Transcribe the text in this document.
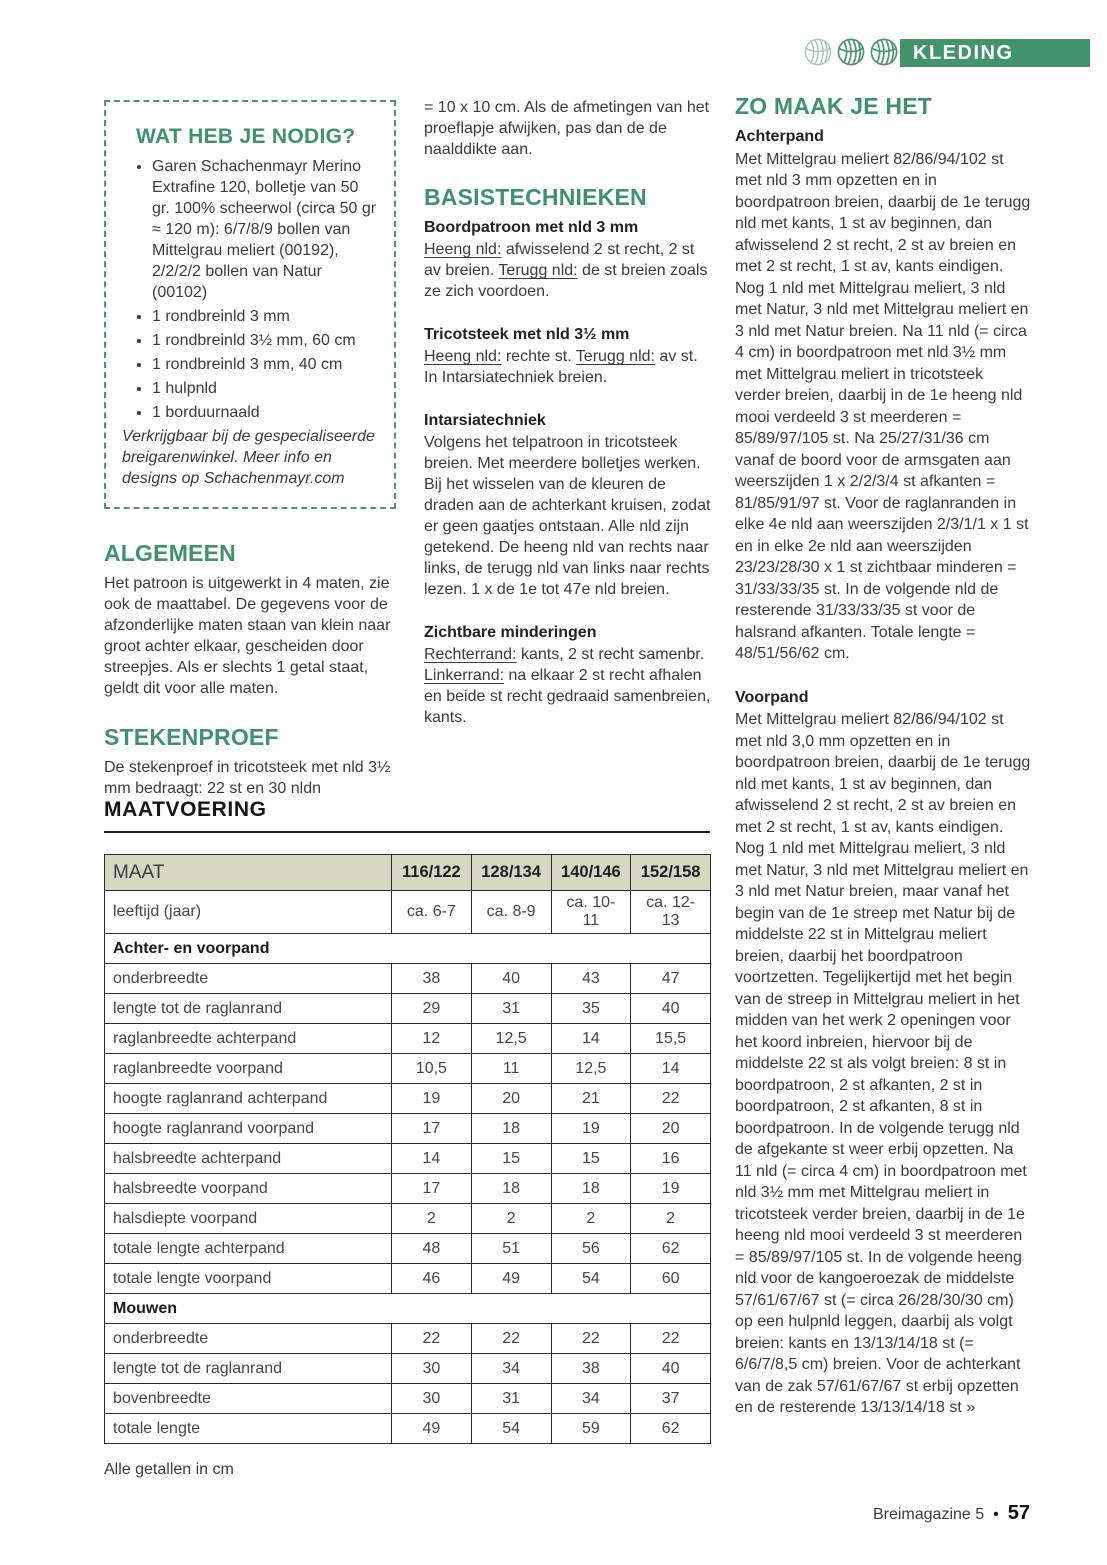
KLEDING
WAT HEB JE NODIG?
• Garen Schachenmayr Merino Extrafine 120, bolletje van 50 gr. 100% scheerwol (circa 50 gr ≈ 120 m): 6/7/8/9 bollen van Mittelgrau meliert (00192), 2/2/2/2 bollen van Natur (00102)
• 1 rondbreinld 3 mm
• 1 rondbreinld 3½ mm, 60 cm
• 1 rondbreinld 3 mm, 40 cm
• 1 hulpnld
• 1 borduurnaald
Verkrijgbaar bij de gespecialiseerde breigarenwinkel. Meer info en designs op Schachenmayr.com
ALGEMEEN
Het patroon is uitgewerkt in 4 maten, zie ook de maattabel. De gegevens voor de afzonderlijke maten staan van klein naar groot achter elkaar, gescheiden door streepjes. Als er slechts 1 getal staat, geldt dit voor alle maten.
STEKENPROEF
De stekenproef in tricotsteek met nld 3½ mm bedraagt: 22 st en 30 nldn
= 10 x 10 cm. Als de afmetingen van het proeflapje afwijken, pas dan de de naalddikte aan.
BASISTECHNIEKEN
Boordpatroon met nld 3 mm
Heeng nld: afwisselend 2 st recht, 2 st av breien. Terugg nld: de st breien zoals ze zich voordoen.
Tricotsteek met nld 3½ mm
Heeng nld: rechte st. Terugg nld: av st. In Intarsiatechniek breien.
Intarsiatechniek
Volgens het telpatroon in tricotsteek breien. Met meerdere bolletjes werken. Bij het wisselen van de kleuren de draden aan de achterkant kruisen, zodat er geen gaatjes ontstaan. Alle nld zijn getekend. De heeng nld van rechts naar links, de terugg nld van links naar rechts lezen. 1 x de 1e tot 47e nld breien.
Zichtbare minderingen
Rechterrand: kants, 2 st recht samenbr. Linkerrand: na elkaar 2 st recht afhalen en beide st recht gedraaid samenbreien, kants.
ZO MAAK JE HET
Achterpand
Met Mittelgrau meliert 82/86/94/102 st met nld 3 mm opzetten en in boordpatroon breien, daarbij de 1e terugg nld met kants, 1 st av beginnen, dan afwisselend 2 st recht, 2 st av breien en met 2 st recht, 1 st av, kants eindigen. Nog 1 nld met Mittelgrau meliert, 3 nld met Natur, 3 nld met Mittelgrau meliert en 3 nld met Natur breien. Na 11 nld (= circa 4 cm) in boordpatroon met nld 3½ mm met Mittelgrau meliert in tricotsteek verder breien, daarbij in de 1e heeng nld mooi verdeeld 3 st meerderen = 85/89/97/105 st. Na 25/27/31/36 cm vanaf de boord voor de armsgaten aan weerszijden 1 x 2/2/3/4 st afkanten = 81/85/91/97 st. Voor de raglanranden in elke 4e nld aan weerszijden 2/3/1/1 x 1 st en in elke 2e nld aan weerszijden 23/23/28/30 x 1 st zichtbaar minderen = 31/33/33/35 st. In de volgende nld de resterende 31/33/33/35 st voor de halsrand afkanten. Totale lengte = 48/51/56/62 cm.
Voorpand
Met Mittelgrau meliert 82/86/94/102 st met nld 3,0 mm opzetten en in boordpatroon breien, daarbij de 1e terugg nld met kants, 1 st av beginnen, dan afwisselend 2 st recht, 2 st av breien en met 2 st recht, 1 st av, kants eindigen. Nog 1 nld met Mittelgrau meliert, 3 nld met Natur, 3 nld met Mittelgrau meliert en 3 nld met Natur breien, maar vanaf het begin van de 1e streep met Natur bij de middelste 22 st in Mittelgrau meliert breien, daarbij het boordpatroon voortzetten. Tegelijkertijd met het begin van de streep in Mittelgrau meliert in het midden van het werk 2 openingen voor het koord inbreien, hiervoor bij de middelste 22 st als volgt breien: 8 st in boordpatroon, 2 st afkanten, 2 st in boordpatroon, 2 st afkanten, 8 st in boordpatroon. In de volgende terugg nld de afgekante st weer erbij opzetten. Na 11 nld (= circa 4 cm) in boordpatroon met nld 3½ mm met Mittelgrau meliert in tricotsteek verder breien, daarbij in de 1e heeng nld mooi verdeeld 3 st meerderen = 85/89/97/105 st. In de volgende heeng nld voor de kangoeroezak de middelste 57/61/67/67 st (= circa 26/28/30/30 cm) op een hulpnld leggen, daarbij als volgt breien: kants en 13/13/14/18 st (= 6/6/7/8,5 cm) breien. Voor de achterkant van de zak 57/61/67/67 st erbij opzetten en de resterende 13/13/14/18 st »
MAATVOERING
MAAT	116/122	128/134	140/146	152/158
leeftijd (jaar)	ca. 6-7	ca. 8-9	ca. 10-11	ca. 12-13
Achter- en voorpand				
onderbreedte	38	40	43	47
lengte tot de raglanrand	29	31	35	40
raglanbreedte achterpand	12	12,5	14	15,5
raglanbreedte voorpand	10,5	11	12,5	14
hoogte raglanrand achterpand	19	20	21	22
hoogte raglanrand voorpand	17	18	19	20
halsbreedte achterpand	14	15	15	16
halsbreedte voorpand	17	18	18	19
halsdiepte voorpand	2	2	2	2
totale lengte achterpand	48	51	56	62
totale lengte voorpand	46	49	54	60
Mouwen				
onderbreedte	22	22	22	22
lengte tot de raglanrand	30	34	38	40
bovenbreedte	30	31	34	37
totale lengte	49	54	59	62
Alle getallen in cm
Breimagazine 5 • 57
